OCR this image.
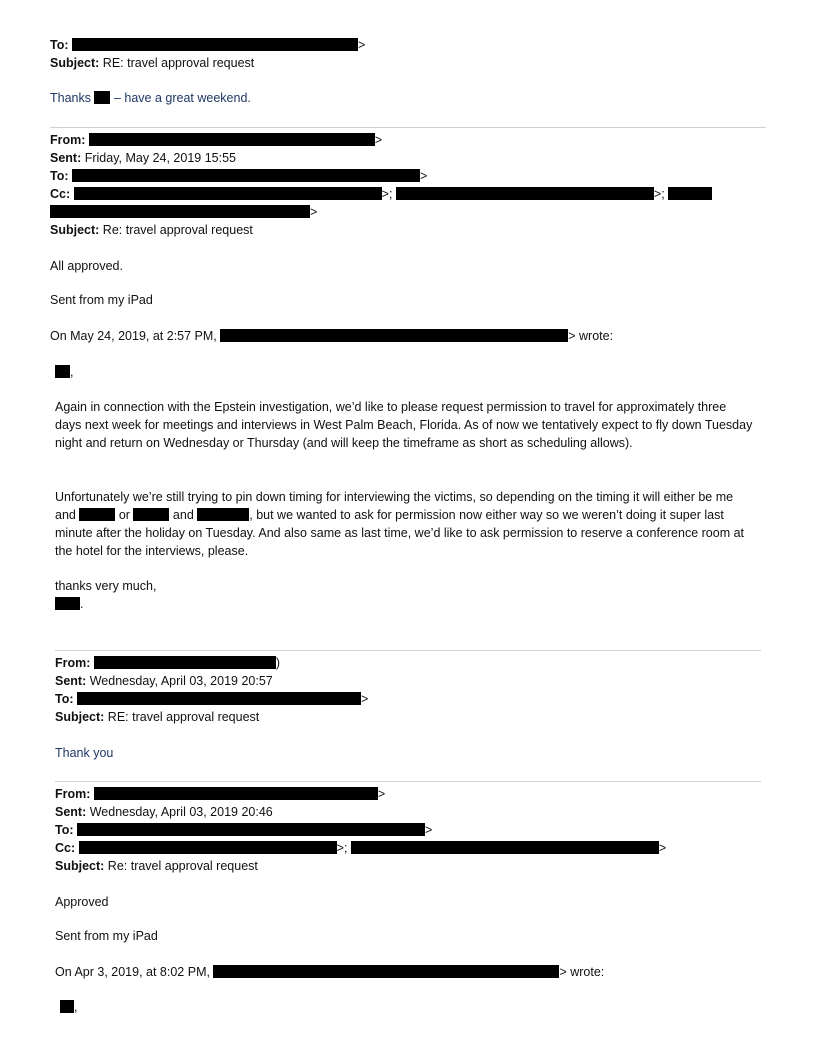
To:	>
Subject: RE: travel approval request
Thanks – have a great weekend.
From:	>
Sent: Friday, May 24, 2019 15:55
To:	>
Cc:	>;	>;
>
Subject: Re: travel approval request
All approved.
Sent from my iPad
On May 24, 2019, at 2:57 PM,	> wrote:
,
Again in connection with the Epstein investigation, we’d like to please request permission to travel for approximately three days next week for meetings and interviews in West Palm Beach, Florida. As of now we tentatively expect to fly down Tuesday night and return on Wednesday or Thursday (and will keep the timeframe as short as scheduling allows).
Unfortunately we’re still trying to pin down timing for interviewing the victims, so depending on the timing it will either be me and	or	and	, but we wanted to ask for permission now either way so we weren’t doing it super last minute after the holiday on Tuesday. And also same as last time, we’d like to ask permission to reserve a conference room at the hotel for the interviews, please.
thanks very much,
.
From:	)
Sent: Wednesday, April 03, 2019 20:57
To:	>
Subject: RE: travel approval request
Thank you
From:	>
Sent: Wednesday, April 03, 2019 20:46
To:	>
Cc:	>;	>
Subject: Re: travel approval request
Approved
Sent from my iPad
On Apr 3, 2019, at 8:02 PM,	> wrote:
,
